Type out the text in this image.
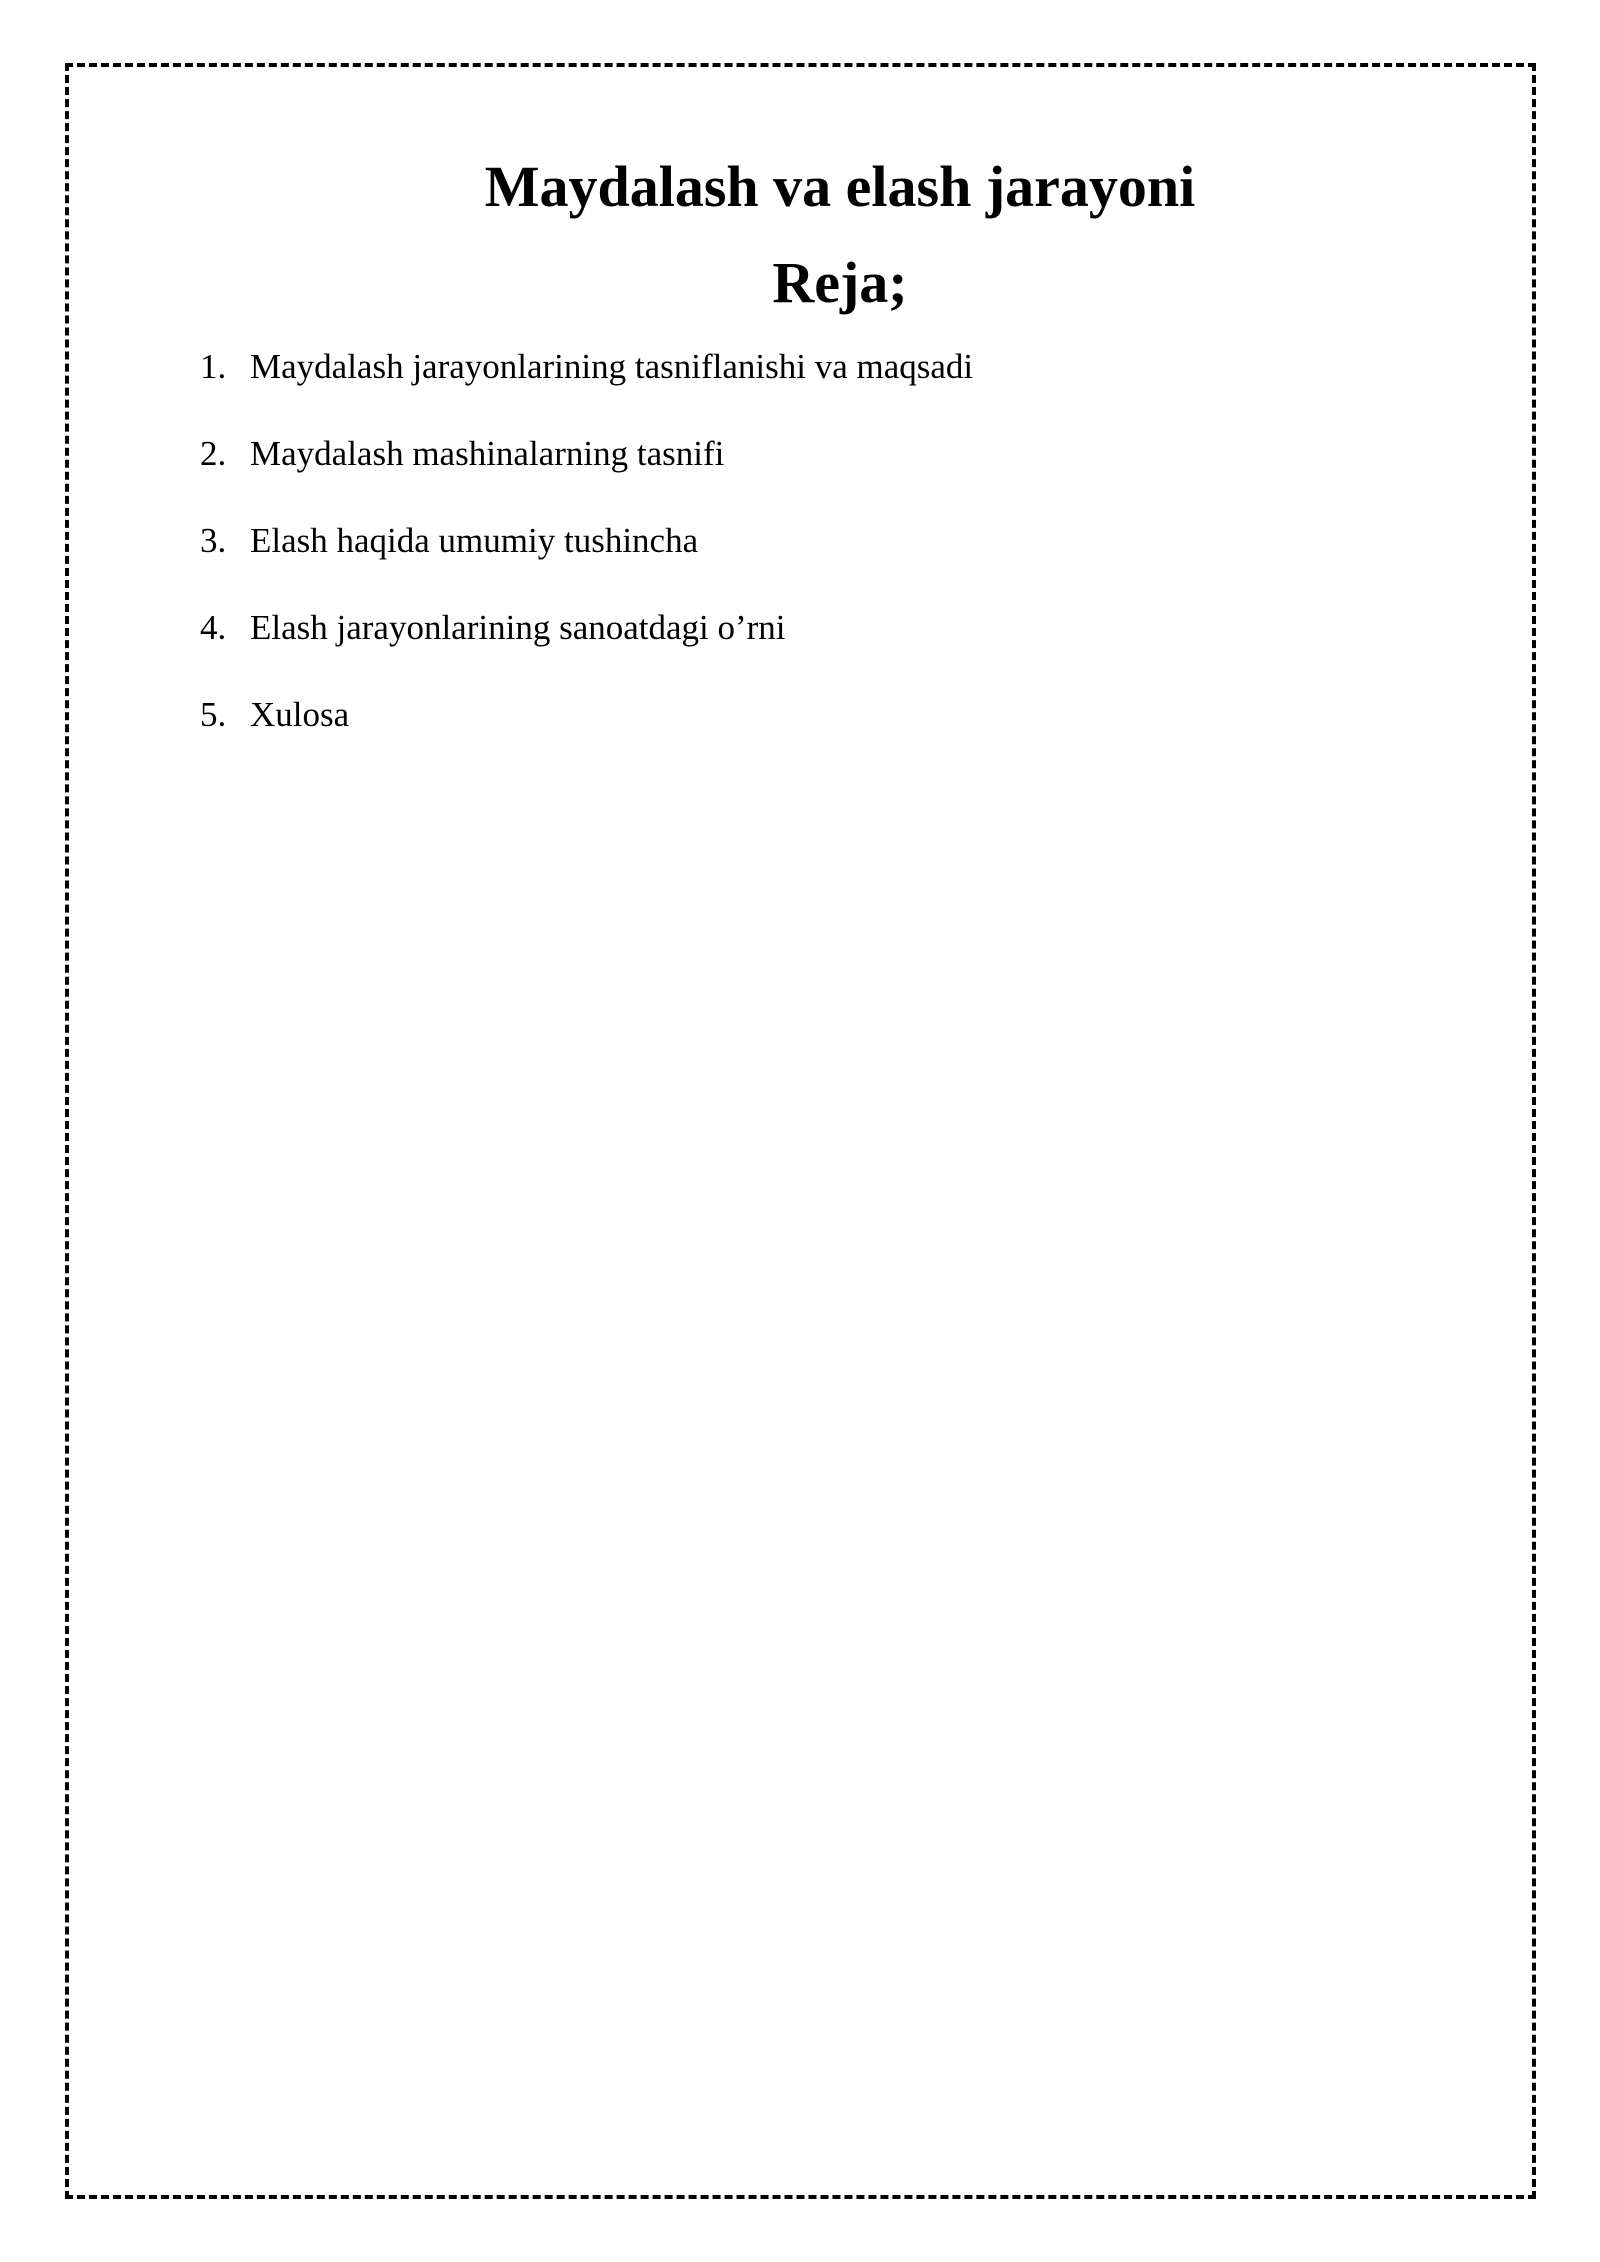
Maydalash va elash jarayoni
Reja;
1. Maydalash jarayonlarining tasniflanishi va maqsadi
2. Maydalash mashinalarning tasnifi
3. Elash haqida umumiy tushincha
4. Elash jarayonlarining sanoatdagi o’rni
5. Xulosa
